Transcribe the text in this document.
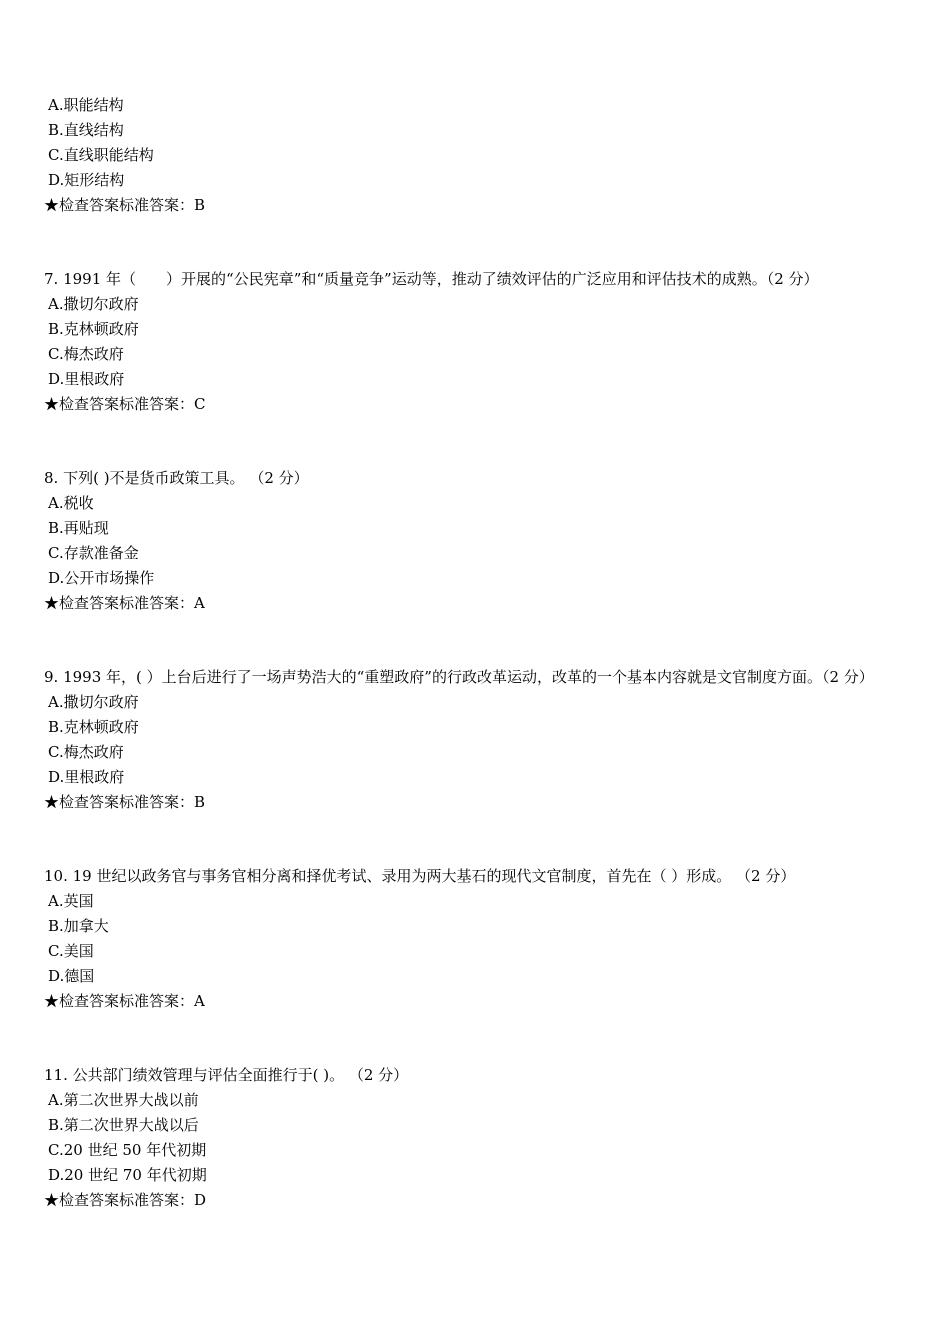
A.职能结构
B.直线结构
C.直线职能结构
D.矩形结构
★检查答案标准答案：B
7. 1991 年（　　）开展的“公民宪章”和“质量竞争”运动等，推动了绩效评估的广泛应用和评估技术的成熟。（2 分）
A.撒切尔政府
B.克林顿政府
C.梅杰政府
D.里根政府
★检查答案标准答案：C
8. 下列( )不是货币政策工具。 （2 分）
A.税收
B.再贴现
C.存款准备金
D.公开市场操作
★检查答案标准答案：A
9. 1993 年，( ）上台后进行了一场声势浩大的“重塑政府”的行政改革运动，改革的一个基本内容就是文官制度方面。（2 分）
A.撒切尔政府
B.克林顿政府
C.梅杰政府
D.里根政府
★检查答案标准答案：B
10. 19 世纪以政务官与事务官相分离和择优考试、录用为两大基石的现代文官制度，首先在（ ）形成。 （2 分）
A.英国
B.加拿大
C.美国
D.德国
★检查答案标准答案：A
11. 公共部门绩效管理与评估全面推行于( )。 （2 分）
A.第二次世界大战以前
B.第二次世界大战以后
C.20 世纪 50 年代初期
D.20 世纪 70 年代初期
★检查答案标准答案：D
